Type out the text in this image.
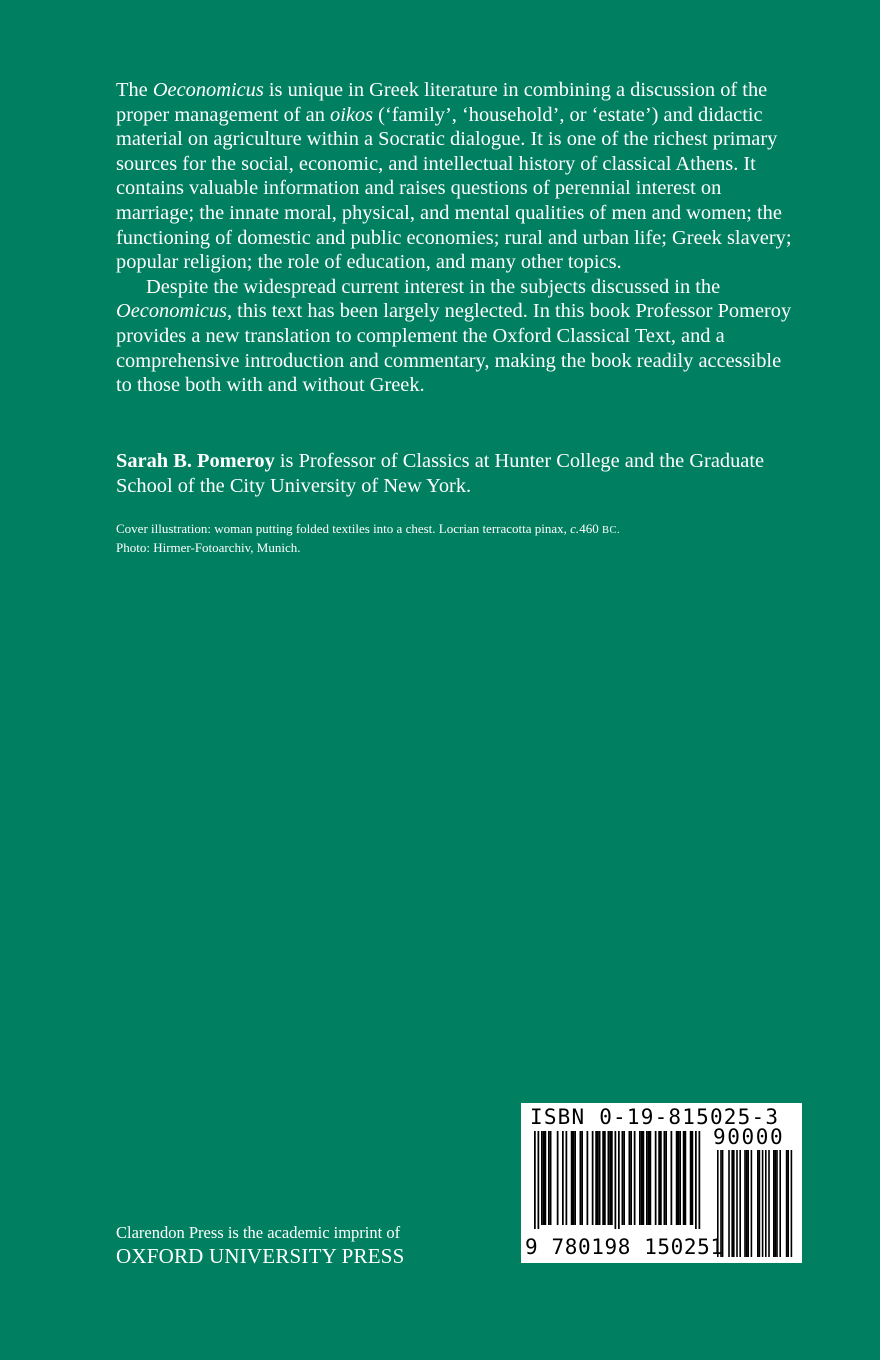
The Oeconomicus is unique in Greek literature in combining a discussion of the proper management of an oikos (‘family’, ‘household’, or ‘estate’) and didactic material on agriculture within a Socratic dialogue. It is one of the richest primary sources for the social, economic, and intellectual history of classical Athens. It contains valuable information and raises questions of perennial interest on marriage; the innate moral, physical, and mental qualities of men and women; the functioning of domestic and public economies; rural and urban life; Greek slavery; popular religion; the role of education, and many other topics.

Despite the widespread current interest in the subjects discussed in the Oeconomicus, this text has been largely neglected. In this book Professor Pomeroy provides a new translation to complement the Oxford Classical Text, and a comprehensive introduction and commentary, making the book readily accessible to those both with and without Greek.

Sarah B. Pomeroy is Professor of Classics at Hunter College and the Graduate School of the City University of New York.
Cover illustration: woman putting folded textiles into a chest. Locrian terracotta pinax, c.460 BC.
Photo: Hirmer-Fotoarchiv, Munich.
Clarendon Press is the academic imprint of
OXFORD UNIVERSITY PRESS
ISBN 0-19-815025-3
90000
9 780198 150251
